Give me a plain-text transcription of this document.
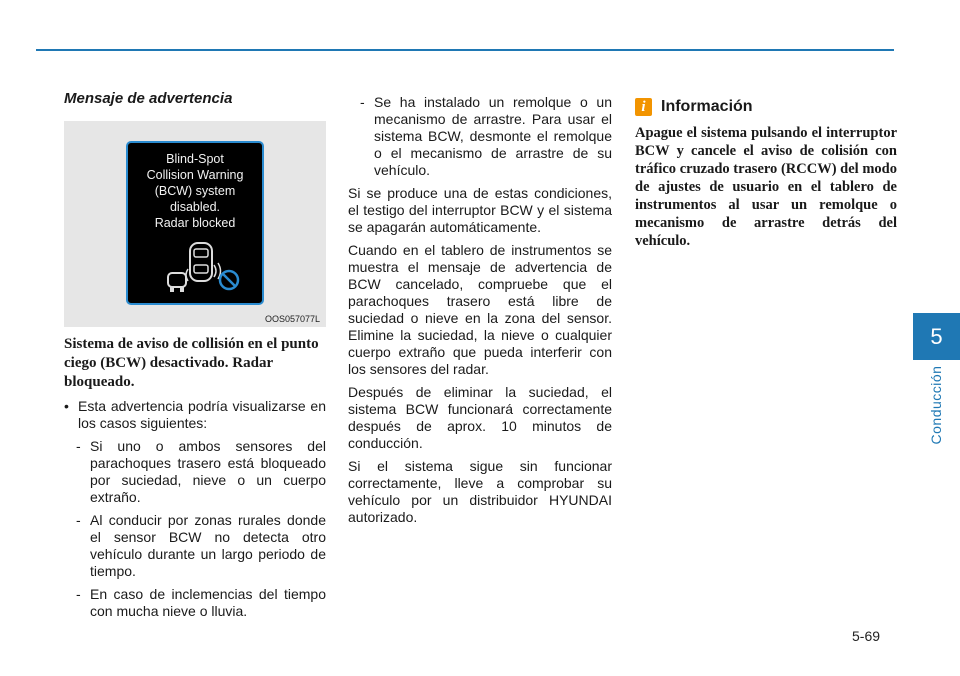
Mensaje de advertencia
Blind-Spot
Collision Warning
(BCW) system
disabled.
Radar blocked
OOS057077L
Sistema de aviso de collisión en el punto ciego (BCW) desactivado. Radar bloqueado.
• Esta advertencia podría visualizarse en los casos siguientes:
- Si uno o ambos sensores del parachoques trasero está bloqueado por suciedad, nieve o un cuerpo extraño.
- Al conducir por zonas rurales donde el sensor BCW no detecta otro vehículo durante un largo periodo de tiempo.
- En caso de inclemencias del tiempo con mucha nieve o lluvia.
- Se ha instalado un remolque o un mecanismo de arrastre. Para usar el sistema BCW, desmonte el remolque o el mecanismo de arrastre de su vehículo.

Si se produce una de estas condiciones, el testigo del interruptor BCW y el sistema se apagarán automáticamente.

Cuando en el tablero de instrumentos se muestra el mensaje de advertencia de BCW cancelado, compruebe que el parachoques trasero está libre de suciedad o nieve en la zona del sensor. Elimine la suciedad, la nieve o cualquier cuerpo extraño que pueda interferir con los sensores del radar.

Después de eliminar la suciedad, el sistema BCW funcionará correctamente después de aprox. 10 minutos de conducción.

Si el sistema sigue sin funcionar correctamente, lleve a comprobar su vehículo por un distribuidor HYUNDAI autorizado.

i Información
Apague el sistema pulsando el interruptor BCW y cancele el aviso de colisión con tráfico cruzado trasero (RCCW) del modo de ajustes de usuario en el tablero de instrumentos al usar un remolque o mecanismo de arrastre detrás del vehículo.
5
Conducción
5-69
